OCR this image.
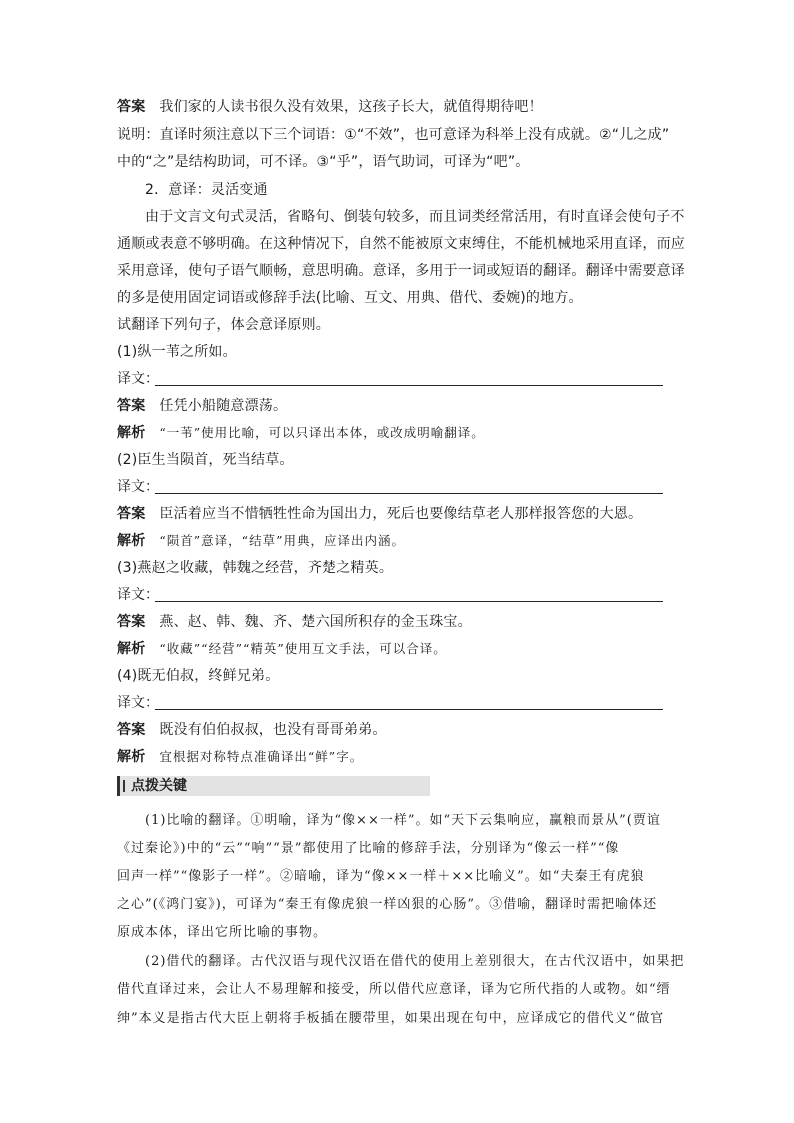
答案 我们家的人读书很久没有效果，这孩子长大，就值得期待吧！
说明：直译时须注意以下三个词语：①“不效”，也可意译为科举上没有成就。②“儿之成”
中的“之”是结构助词，可不译。③“乎”，语气助词，可译为“吧”。
2．意译：灵活变通
由于文言文句式灵活，省略句、倒装句较多，而且词类经常活用，有时直译会使句子不
通顺或表意不够明确。在这种情况下，自然不能被原文束缚住，不能机械地采用直译，而应
采用意译，使句子语气顺畅，意思明确。意译，多用于一词或短语的翻译。翻译中需要意译
的多是使用固定词语或修辞手法(比喻、互文、用典、借代、委婉)的地方。
试翻译下列句子，体会意译原则。
(1)纵一苇之所如。
译文：
答案 任凭小船随意漂荡。
解析 “一苇”使用比喻，可以只译出本体，或改成明喻翻译。
(2)臣生当陨首，死当结草。
译文：
答案 臣活着应当不惜牺牲性命为国出力，死后也要像结草老人那样报答您的大恩。
解析 “陨首”意译，“结草”用典，应译出内涵。
(3)燕赵之收藏，韩魏之经营，齐楚之精英。
译文：
答案 燕、赵、韩、魏、齐、楚六国所积存的金玉珠宝。
解析 “收藏”“经营”“精英”使用互文手法，可以合译。
(4)既无伯叔，终鲜兄弟。
译文：
答案 既没有伯伯叔叔，也没有哥哥弟弟。
解析 宜根据对称特点准确译出“鲜”字。
点拨关键
(1)比喻的翻译。①明喻，译为“像××一样”。如“天下云集响应，赢粮而景从”(贾谊
《过秦论》)中的“云”“响”“景”都使用了比喻的修辞手法，分别译为“像云一样”“像
回声一样”“像影子一样”。②暗喻，译为“像××一样＋××比喻义”。如“夫秦王有虎狼
之心”(《鸿门宴》)，可译为“秦王有像虎狼一样凶狠的心肠”。③借喻，翻译时需把喻体还
原成本体，译出它所比喻的事物。
(2)借代的翻译。古代汉语与现代汉语在借代的使用上差别很大，在古代汉语中，如果把
借代直译过来，会让人不易理解和接受，所以借代应意译，译为它所代指的人或物。如“缙
绅”本义是指古代大臣上朝将手板插在腰带里，如果出现在句中，应译成它的借代义“做官
